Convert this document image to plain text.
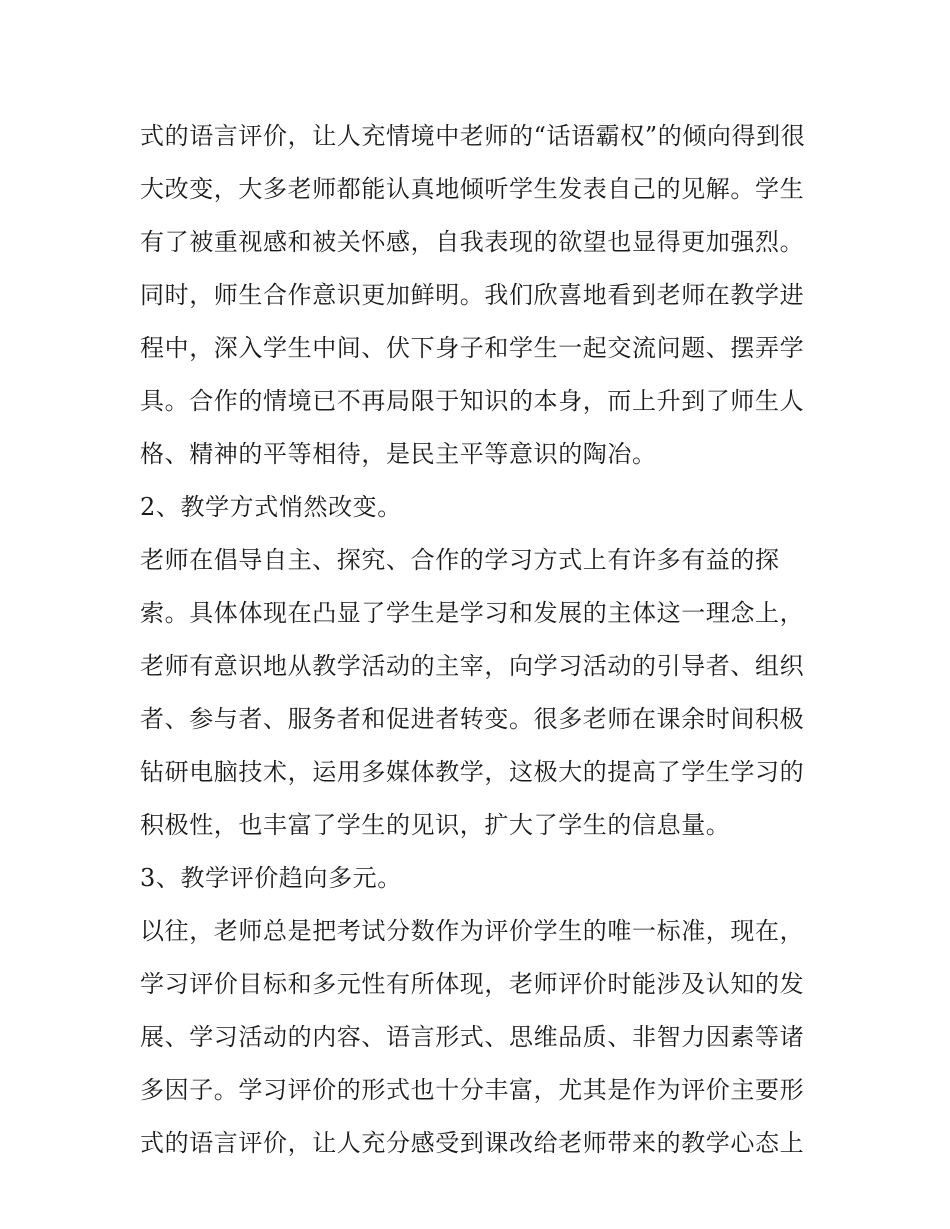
式的语言评价，让人充情境中老师的“话语霸权”的倾向得到很
大改变，大多老师都能认真地倾听学生发表自己的见解。学生
有了被重视感和被关怀感，自我表现的欲望也显得更加强烈。
同时，师生合作意识更加鲜明。我们欣喜地看到老师在教学进
程中，深入学生中间、伏下身子和学生一起交流问题、摆弄学
具。合作的情境已不再局限于知识的本身，而上升到了师生人
格、精神的平等相待，是民主平等意识的陶冶。
2、教学方式悄然改变。
老师在倡导自主、探究、合作的学习方式上有许多有益的探
索。具体体现在凸显了学生是学习和发展的主体这一理念上，
老师有意识地从教学活动的主宰，向学习活动的引导者、组织
者、参与者、服务者和促进者转变。很多老师在课余时间积极
钻研电脑技术，运用多媒体教学，这极大的提高了学生学习的
积极性，也丰富了学生的见识，扩大了学生的信息量。
3、教学评价趋向多元。
以往，老师总是把考试分数作为评价学生的唯一标准，现在，
学习评价目标和多元性有所体现，老师评价时能涉及认知的发
展、学习活动的内容、语言形式、思维品质、非智力因素等诸
多因子。学习评价的形式也十分丰富，尤其是作为评价主要形
式的语言评价，让人充分感受到课改给老师带来的教学心态上
